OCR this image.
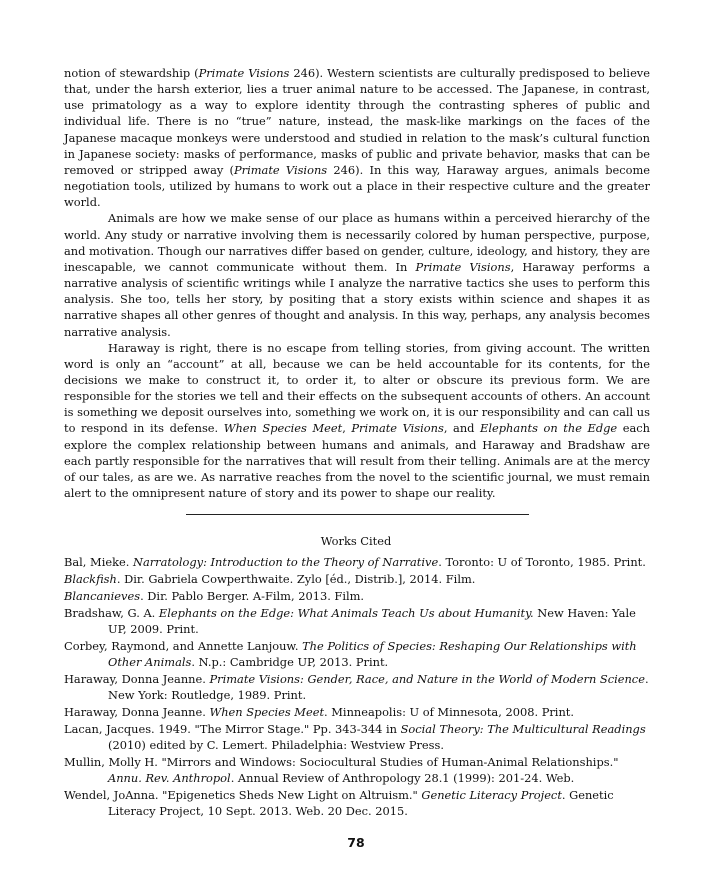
notion of stewardship (Primate Visions 246). Western scientists are culturally predisposed to believe that, under the harsh exterior, lies a truer animal nature to be accessed. The Japanese, in contrast, use primatology as a way to explore identity through the contrasting spheres of public and individual life. There is no “true” nature, instead, the mask-like markings on the faces of the Japanese macaque monkeys were understood and studied in relation to the mask’s cultural function in Japanese society: masks of performance, masks of public and private behavior, masks that can be removed or stripped away (Primate Visions 246). In this way, Haraway argues, animals become negotiation tools, utilized by humans to work out a place in their respective culture and the greater world.

Animals are how we make sense of our place as humans within a perceived hierarchy of the world. Any study or narrative involving them is necessarily colored by human perspective, purpose, and motivation. Though our narratives differ based on gender, culture, ideology, and history, they are inescapable, we cannot communicate without them. In Primate Visions, Haraway performs a narrative analysis of scientific writings while I analyze the narrative tactics she uses to perform this analysis. She too, tells her story, by positing that a story exists within science and shapes it as narrative shapes all other genres of thought and analysis. In this way, perhaps, any analysis becomes narrative analysis.

Haraway is right, there is no escape from telling stories, from giving account. The written word is only an “account” at all, because we can be held accountable for its contents, for the decisions we make to construct it, to order it, to alter or obscure its previous form. We are responsible for the stories we tell and their effects on the subsequent accounts of others. An account is something we deposit ourselves into, something we work on, it is our responsibility and can call us to respond in its defense. When Species Meet, Primate Visions, and Elephants on the Edge each explore the complex relationship between humans and animals, and Haraway and Bradshaw are each partly responsible for the narratives that will result from their telling. Animals are at the mercy of our tales, as are we. As narrative reaches from the novel to the scientific journal, we must remain alert to the omnipresent nature of story and its power to shape our reality.

Works Cited
Bal, Mieke. Narratology: Introduction to the Theory of Narrative. Toronto: U of Toronto, 1985. Print.
Blackfish. Dir. Gabriela Cowperthwaite. Zylo [éd., Distrib.], 2014. Film.
Blancanieves. Dir. Pablo Berger. A-Film, 2013. Film.
Bradshaw, G. A. Elephants on the Edge: What Animals Teach Us about Humanity. New Haven: Yale UP, 2009. Print.
Corbey, Raymond, and Annette Lanjouw. The Politics of Species: Reshaping Our Relationships with Other Animals. N.p.: Cambridge UP, 2013. Print.
Haraway, Donna Jeanne. Primate Visions: Gender, Race, and Nature in the World of Modern Science. New York: Routledge, 1989. Print.
Haraway, Donna Jeanne. When Species Meet. Minneapolis: U of Minnesota, 2008. Print.
Lacan, Jacques. 1949. "The Mirror Stage." Pp. 343-344 in Social Theory: The Multicultural Readings (2010) edited by C. Lemert. Philadelphia: Westview Press.
Mullin, Molly H. "Mirrors and Windows: Sociocultural Studies of Human-Animal Relationships." Annu. Rev. Anthropol. Annual Review of Anthropology 28.1 (1999): 201-24. Web.
Wendel, JoAnna. "Epigenetics Sheds New Light on Altruism." Genetic Literacy Project. Genetic Literacy Project, 10 Sept. 2013. Web. 20 Dec. 2015.
78
